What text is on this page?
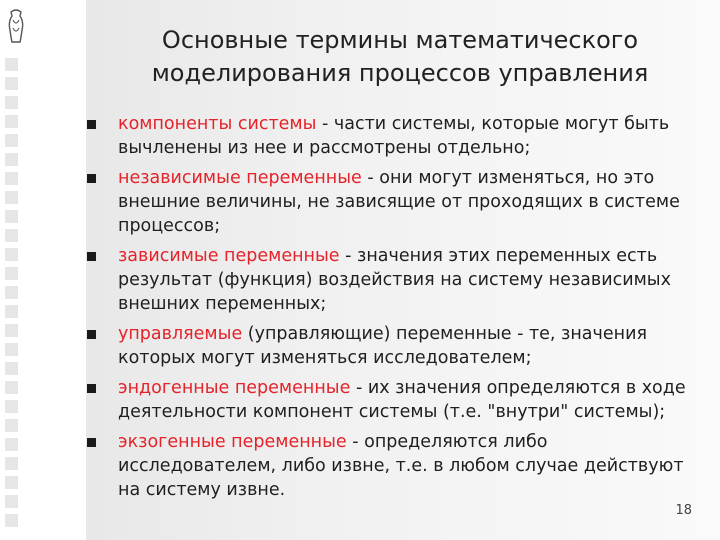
Основные термины математического
моделирования процессов управления
компоненты системы - части системы, которые могут быть вычленены из нее и рассмотрены отдельно;
независимые переменные - они могут изменяться, но это внешние величины, не зависящие от проходящих в системе процессов;
зависимые переменные - значения этих переменных есть результат (функция) воздействия на систему независимых внешних переменных;
управляемые (управляющие) переменные - те, значения которых могут изменяться исследователем;
эндогенные переменные - их значения определяются в ходе деятельности компонент системы (т.е. "внутри" системы);
экзогенные переменные - определяются либо исследователем, либо извне, т.е. в любом случае действуют на систему извне.
18
